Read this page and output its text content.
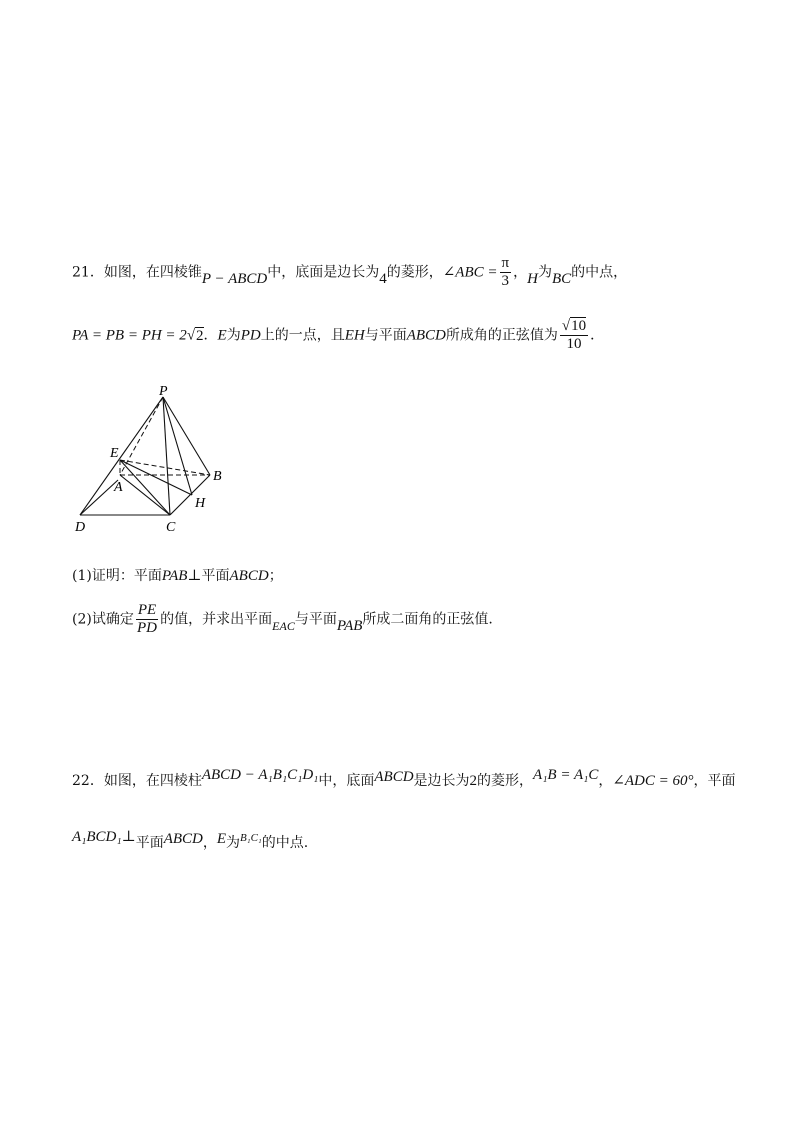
21．如图，在四棱锥P − ABCD中，底面是边长为4的菱形，∠ABC = $\frac{\pi}{3}$ ，H为BC的中点，
PA = PB = PH = 2√2．E为PD上的一点，且EH与平面ABCD所成角的正弦值为 $\frac{√10}{10}$ ．
P
E
A
B
H
D	C
(1)证明：平面PAB⊥平面ABCD；
(2)试确定 $\frac{PE}{PD}$ 的值，并求出平面EAC与平面PAB所成二面角的正弦值.
22．如图，在四棱柱ABCD − A₁B₁C₁D₁中，底面ABCD是边长为2的菱形，A₁B = A₁C，∠ADC = 60°，平面
A₁BCD₁⊥平面ABCD，E为$^{B_1C_1}$的中点.
